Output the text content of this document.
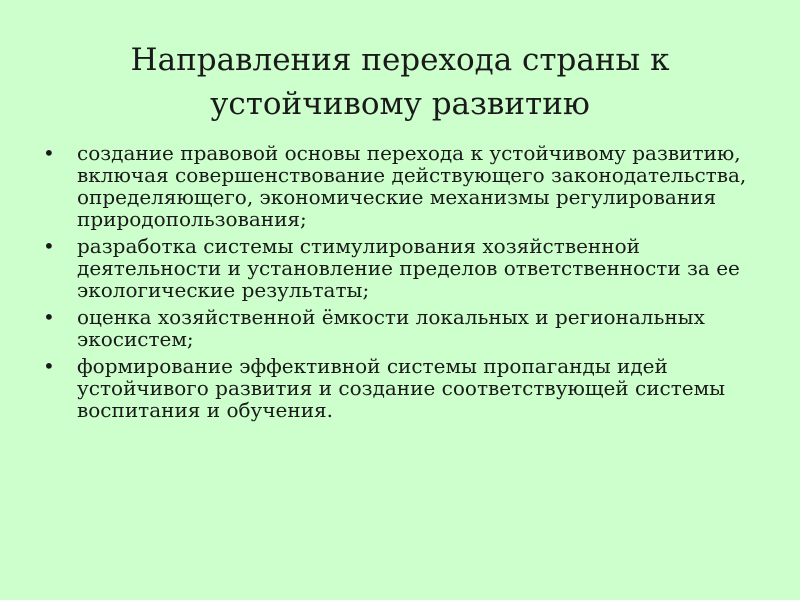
Направления перехода страны к устойчивому развитию
• создание правовой основы перехода к устойчивому развитию, включая совершенствование действующего законодательства, определяющего, экономические механизмы регулирования природопользования;
• разработка системы стимулирования хозяйственной деятельности и установление пределов ответственности за ее экологические результаты;
• оценка хозяйственной ёмкости локальных и региональных экосистем;
• формирование эффективной системы пропаганды идей устойчивого развития и создание соответствующей системы воспитания и обучения.
